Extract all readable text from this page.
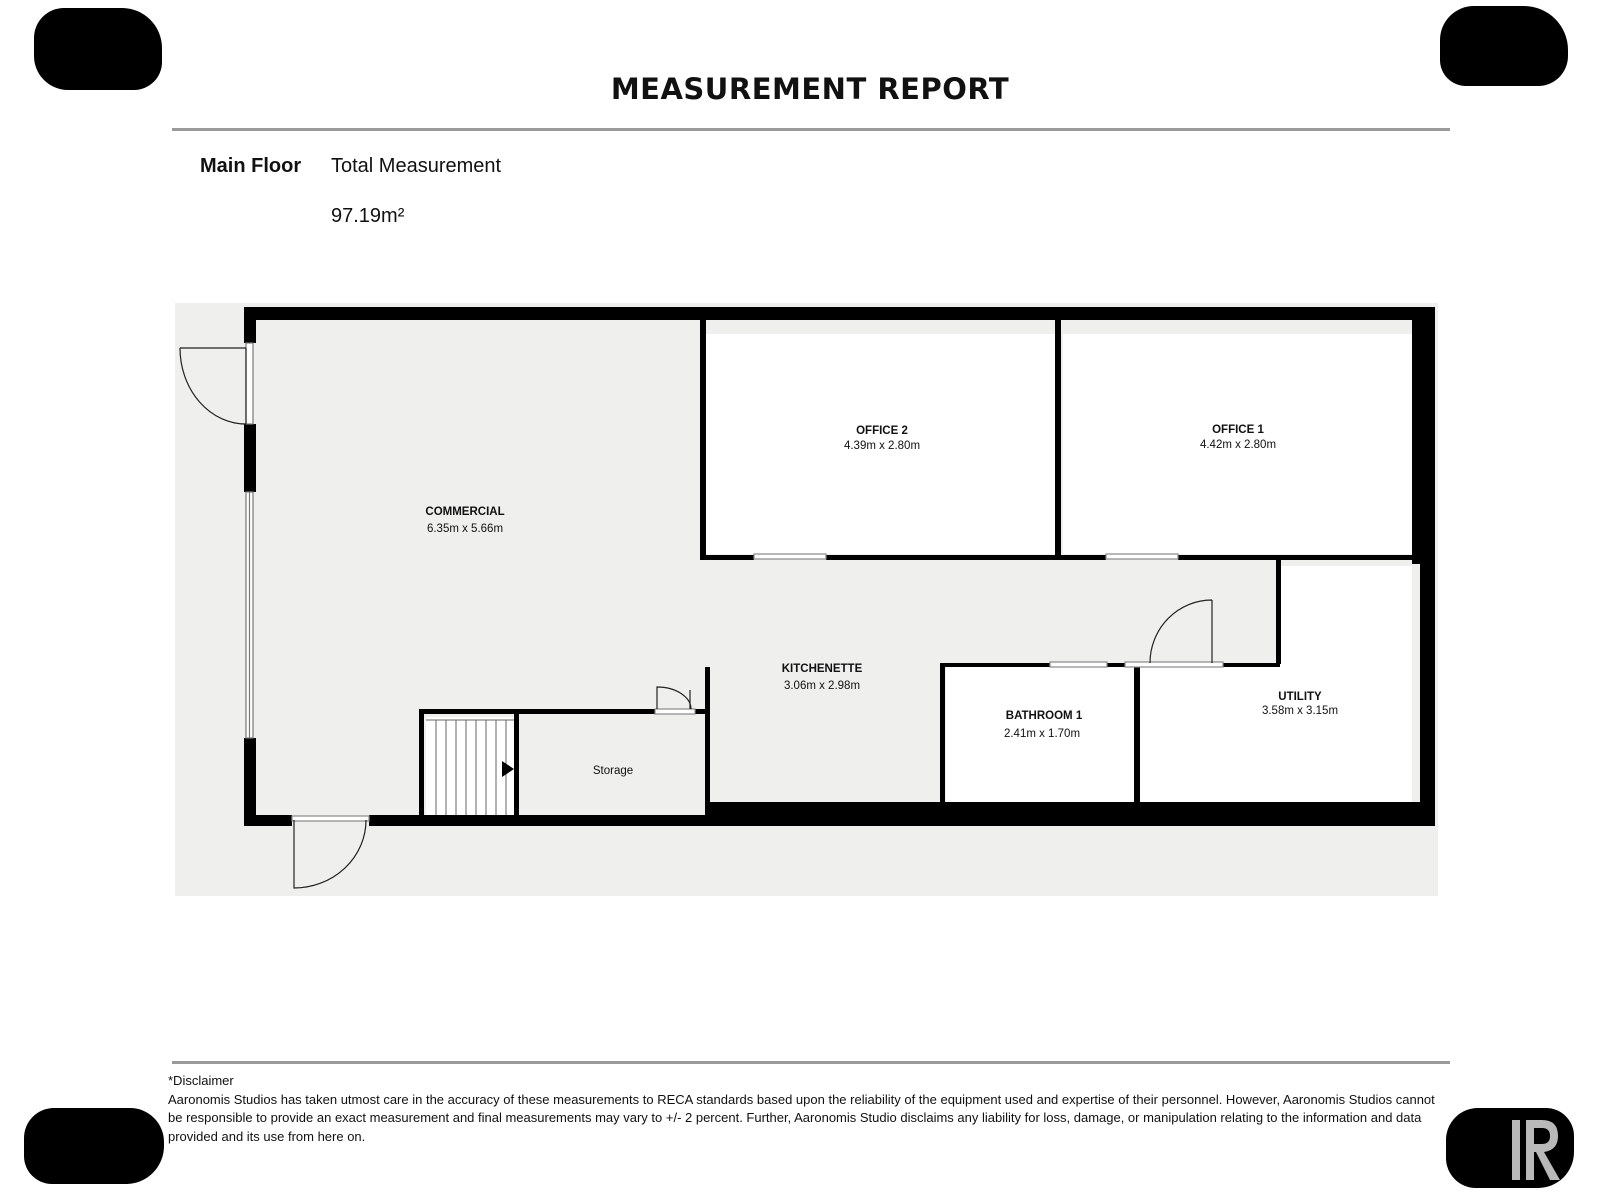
MEASUREMENT REPORT
Main Floor Total Measurement
97.19m²
COMMERCIAL
6.35m x 5.66m
OFFICE 2
4.39m x 2.80m
OFFICE 1
4.42m x 2.80m
KITCHENETTE
3.06m x 2.98m
BATHROOM 1
2.41m x 1.70m
UTILITY
3.58m x 3.15m
Storage

*Disclaimer

Aaronomis Studios has taken utmost care in the accuracy of these measurements to RECA standards based upon the reliability of the equipment used and expertise of their personnel. However, Aaronomis Studios cannot be responsible to provide an exact measurement and final measurements may vary to +/- 2 percent. Further, Aaronomis Studio disclaims any liability for loss, damage, or manipulation relating to the information and data provided and its use from here on.
